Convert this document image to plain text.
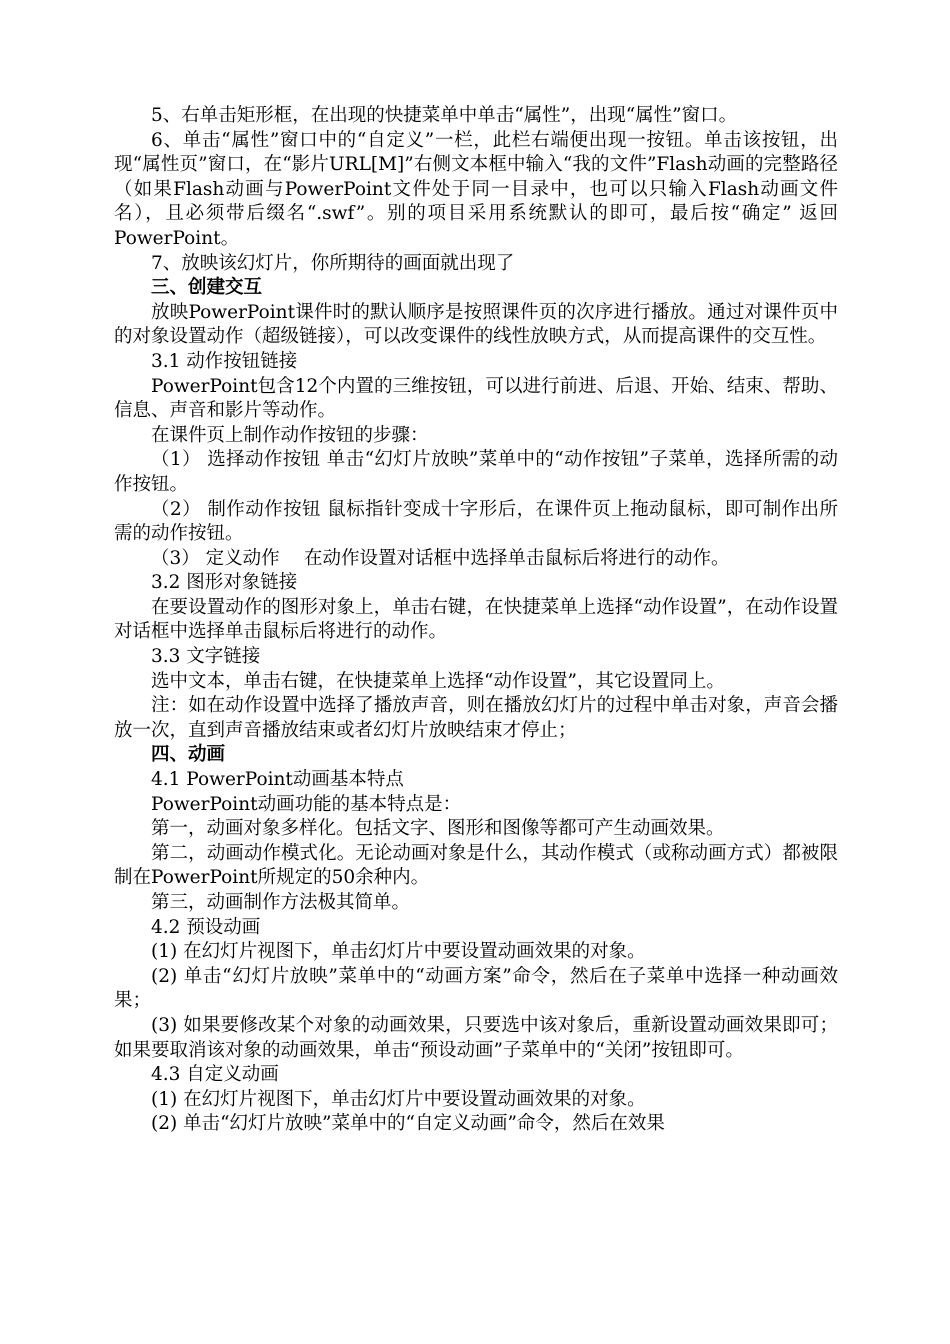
5、右单击矩形框，在出现的快捷菜单中单击“属性”，出现“属性”窗口。

6、单击“属性”窗口中的“自定义”一栏，此栏右端便出现一按钮。单击该按钮，出现“属性页”窗口，在“影片URL[M]”右侧文本框中输入“我的文件”Flash动画的完整路径（如果Flash动画与PowerPoint文件处于同一目录中，也可以只输入Flash动画文件名），且必须带后缀名“.swf”。别的项目采用系统默认的即可，最后按“确定” 返回PowerPoint。

7、放映该幻灯片，你所期待的画面就出现了

三、创建交互

放映PowerPoint课件时的默认顺序是按照课件页的次序进行播放。通过对课件页中的对象设置动作（超级链接），可以改变课件的线性放映方式，从而提高课件的交互性。

3.1 动作按钮链接

PowerPoint包含12个内置的三维按钮，可以进行前进、后退、开始、结束、帮助、信息、声音和影片等动作。

在课件页上制作动作按钮的步骤：

（1） 选择动作按钮 单击“幻灯片放映”菜单中的“动作按钮”子菜单，选择所需的动作按钮。

（2） 制作动作按钮 鼠标指针变成十字形后，在课件页上拖动鼠标，即可制作出所需的动作按钮。

（3） 定义动作　 在动作设置对话框中选择单击鼠标后将进行的动作。

3.2 图形对象链接

在要设置动作的图形对象上，单击右键，在快捷菜单上选择“动作设置”，在动作设置对话框中选择单击鼠标后将进行的动作。

3.3 文字链接

选中文本，单击右键，在快捷菜单上选择“动作设置”，其它设置同上。

注：如在动作设置中选择了播放声音，则在播放幻灯片的过程中单击对象，声音会播放一次，直到声音播放结束或者幻灯片放映结束才停止；

四、动画

4.1 PowerPoint动画基本特点

PowerPoint动画功能的基本特点是：

第一，动画对象多样化。包括文字、图形和图像等都可产生动画效果。

第二，动画动作模式化。无论动画对象是什么，其动作模式（或称动画方式）都被限制在PowerPoint所规定的50余种内。

第三，动画制作方法极其简单。

4.2 预设动画

(1) 在幻灯片视图下，单击幻灯片中要设置动画效果的对象。

(2) 单击“幻灯片放映”菜单中的“动画方案”命令，然后在子菜单中选择一种动画效果；

(3) 如果要修改某个对象的动画效果，只要选中该对象后，重新设置动画效果即可；如果要取消该对象的动画效果，单击“预设动画”子菜单中的“关闭”按钮即可。

4.3 自定义动画

(1) 在幻灯片视图下，单击幻灯片中要设置动画效果的对象。

(2) 单击“幻灯片放映”菜单中的“自定义动画”命令，然后在效果
